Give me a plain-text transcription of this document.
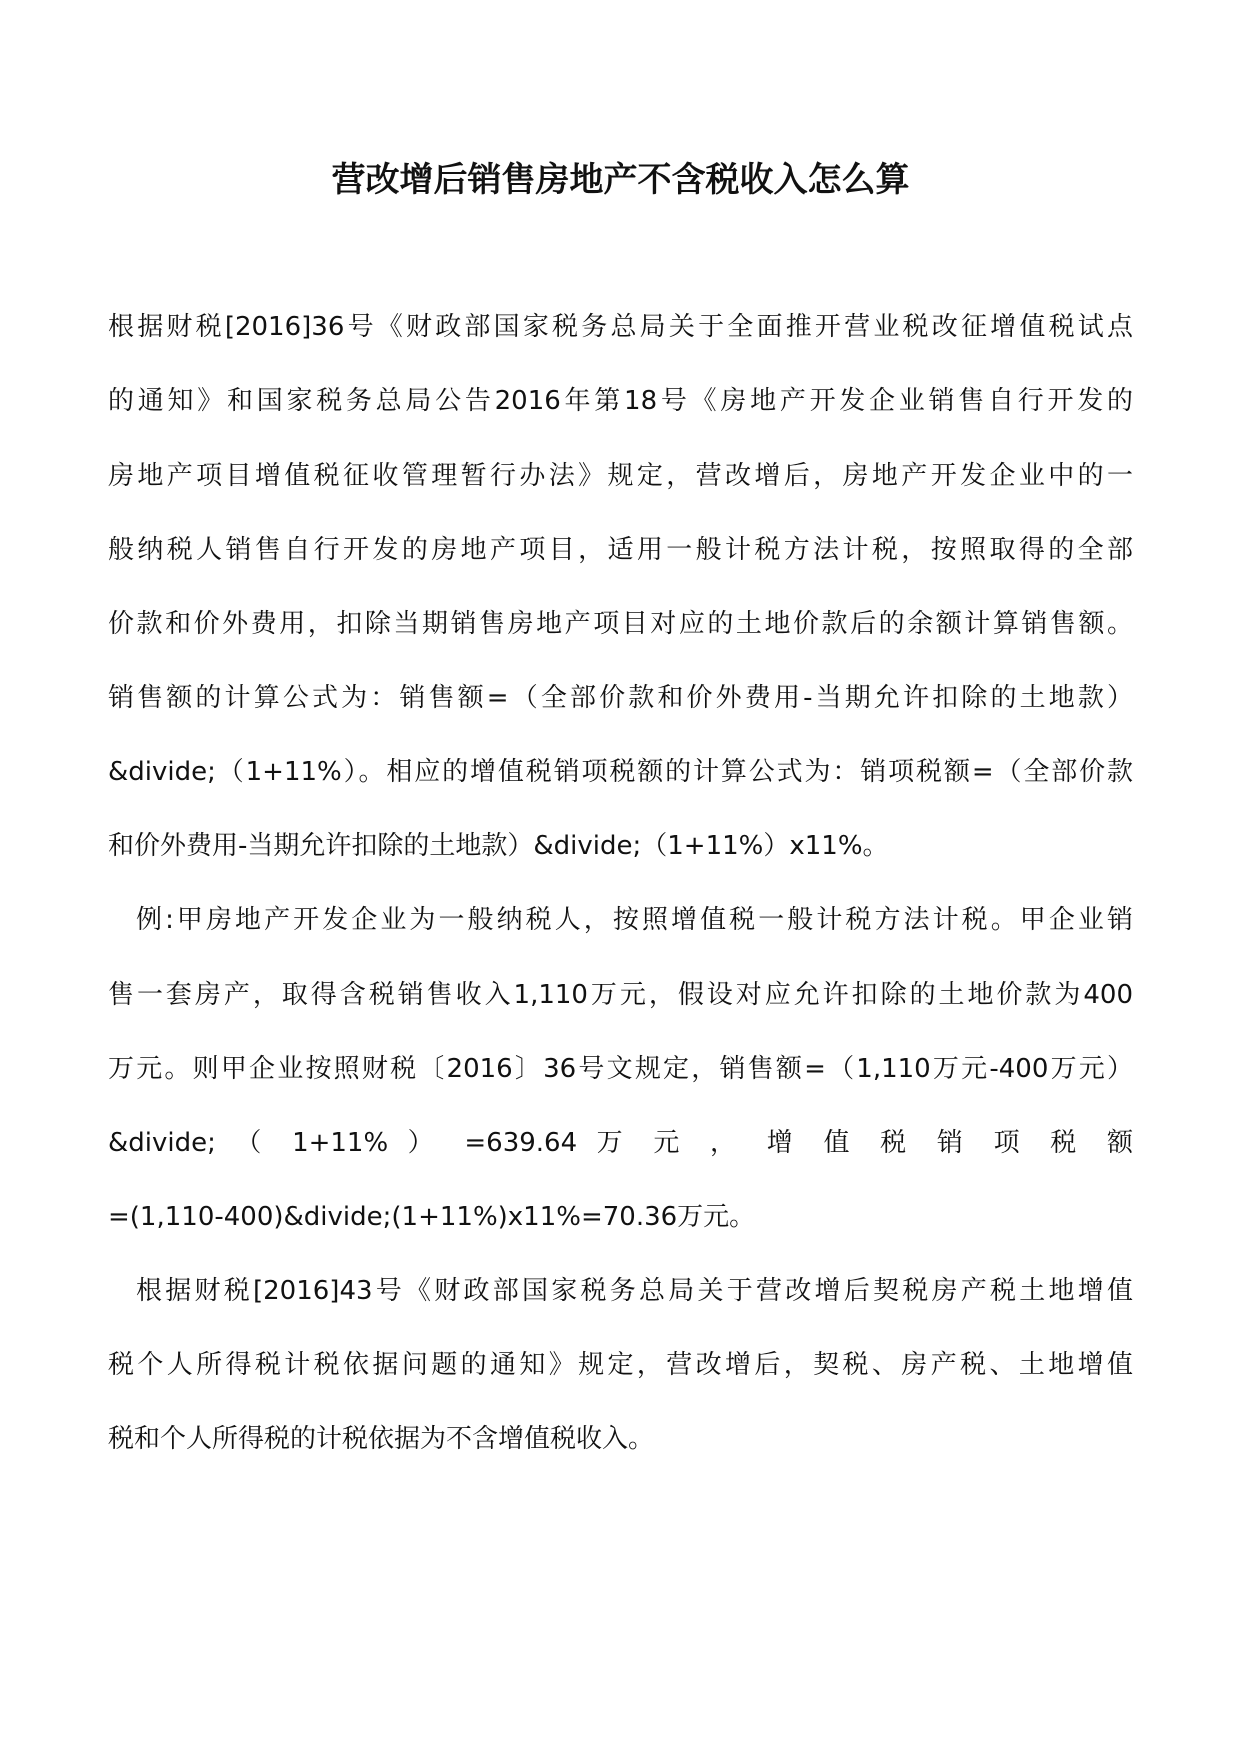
营改增后销售房地产不含税收入怎么算
根据财税[2016]36号《财政部国家税务总局关于全面推开营业税改征增值税试点
的通知》和国家税务总局公告2016年第18号《房地产开发企业销售自行开发的
房地产项目增值税征收管理暂行办法》规定，营改增后，房地产开发企业中的一
般纳税人销售自行开发的房地产项目，适用一般计税方法计税，按照取得的全部
价款和价外费用，扣除当期销售房地产项目对应的土地价款后的余额计算销售额。
销售额的计算公式为：销售额=（全部价款和价外费用-当期允许扣除的土地款）
&divide;（1+11%）。相应的增值税销项税额的计算公式为：销项税额=（全部价款
和价外费用-当期允许扣除的土地款）&divide;（1+11%）x11%。
例:甲房地产开发企业为一般纳税人，按照增值税一般计税方法计税。甲企业销
售一套房产，取得含税销售收入1,110万元，假设对应允许扣除的土地价款为400
万元。则甲企业按照财税〔2016〕36号文规定，销售额=（1,110万元-400万元）
&divide; （ 1+11% ） =639.64 万 元 ， 增 值 税 销 项 税 额
=(1,110-400)&divide;(1+11%)x11%=70.36万元。
根据财税[2016]43号《财政部国家税务总局关于营改增后契税房产税土地增值
税个人所得税计税依据问题的通知》规定，营改增后，契税、房产税、土地增值
税和个人所得税的计税依据为不含增值税收入。
